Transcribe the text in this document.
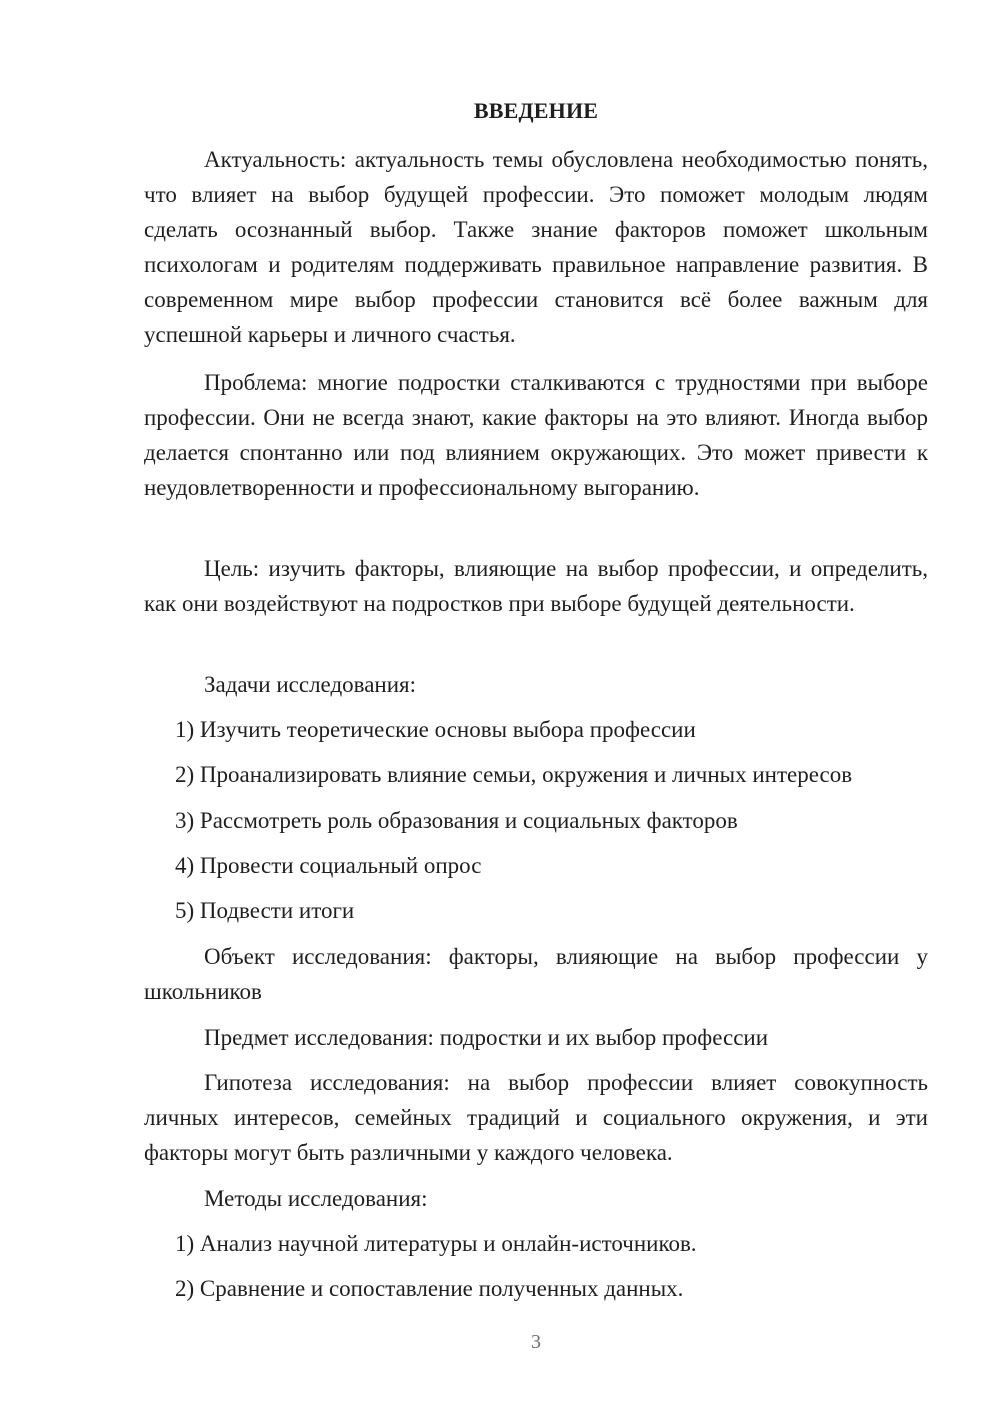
ВВЕДЕНИЕ

Актуальность: актуальность темы обусловлена необходимостью понять, что влияет на выбор будущей профессии. Это поможет молодым людям сделать осознанный выбор. Также знание факторов поможет школьным психологам и родителям поддерживать правильное направление развития. В современном мире выбор профессии становится всё более важным для успешной карьеры и личного счастья.

Проблема: многие подростки сталкиваются с трудностями при выборе профессии. Они не всегда знают, какие факторы на это влияют. Иногда выбор делается спонтанно или под влиянием окружающих. Это может привести к неудовлетворенности и профессиональному выгоранию.

Цель: изучить факторы, влияющие на выбор профессии, и определить, как они воздействуют на подростков при выборе будущей деятельности.

Задачи исследования:

1) Изучить теоретические основы выбора профессии

2) Проанализировать влияние семьи, окружения и личных интересов

3) Рассмотреть роль образования и социальных факторов

4) Провести социальный опрос

5) Подвести итоги

Объект исследования: факторы, влияющие на выбор профессии у школьников

Предмет исследования: подростки и их выбор профессии

Гипотеза исследования: на выбор профессии влияет совокупность личных интересов, семейных традиций и социального окружения, и эти факторы могут быть различными у каждого человека.

Методы исследования:

1) Анализ научной литературы и онлайн-источников.

2) Сравнение и сопоставление полученных данных.

3
